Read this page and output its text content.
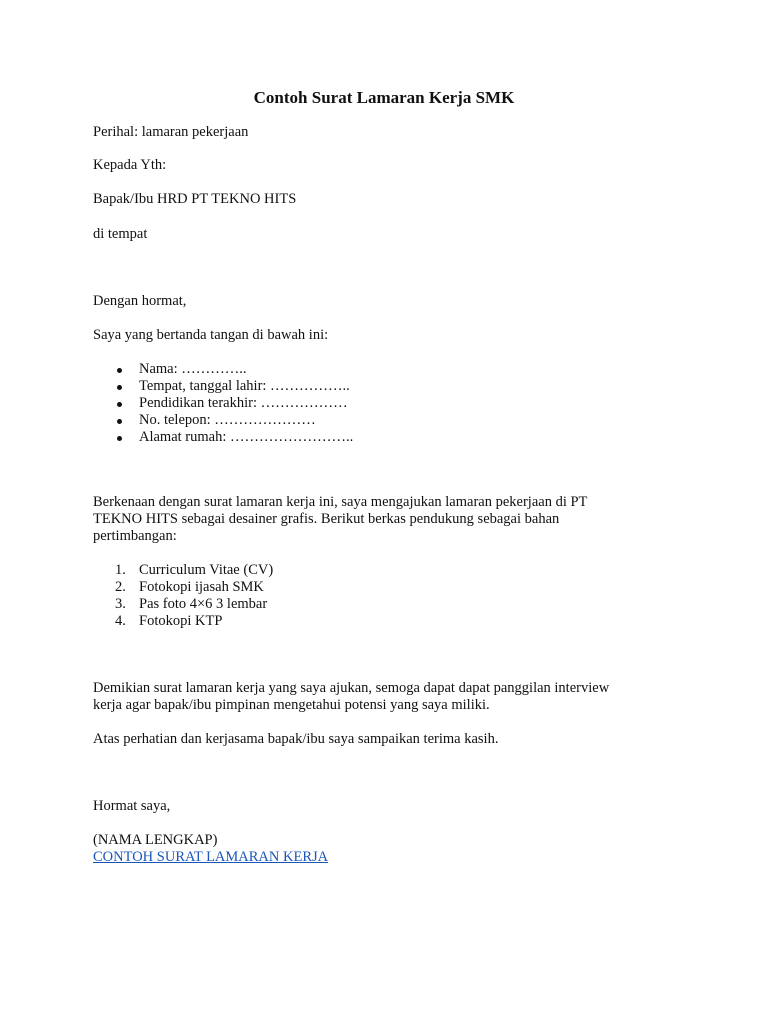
Contoh Surat Lamaran Kerja SMK

Perihal: lamaran pekerjaan

Kepada Yth:

Bapak/Ibu HRD PT TEKNO HITS

di tempat

Dengan hormat,

Saya yang bertanda tangan di bawah ini:

Nama: …………..
Tempat, tanggal lahir: ……………..
Pendidikan terakhir: ………………
No. telepon: …………………
Alamat rumah: ……………………..

Berkenaan dengan surat lamaran kerja ini, saya mengajukan lamaran pekerjaan di PT

TEKNO HITS sebagai desainer grafis. Berikut berkas pendukung sebagai bahan

pertimbangan:

1. Curriculum Vitae (CV)
2. Fotokopi ijasah SMK
3. Pas foto 4×6 3 lembar
4. Fotokopi KTP

Demikian surat lamaran kerja yang saya ajukan, semoga dapat dapat panggilan interview

kerja agar bapak/ibu pimpinan mengetahui potensi yang saya miliki.

Atas perhatian dan kerjasama bapak/ibu saya sampaikan terima kasih.

Hormat saya,

(NAMA LENGKAP)

CONTOH SURAT LAMARAN KERJA
